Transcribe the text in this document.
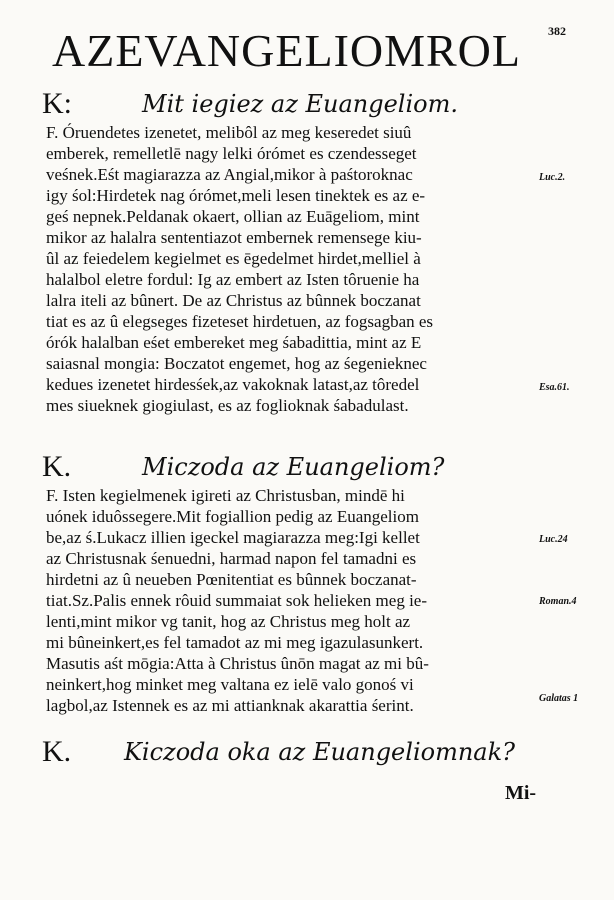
AZEVANGELIOMROL	382
K:	Mit iegiez az Euangeliom.
F. Óruendetes izenetet, melibôl az meg keseredet siuû
emberek, remelletlē nagy lelki órómet es czendesseget
veśnek.Eśt magiarazza az Angial,mikor à paśtoroknac
igy śol:Hirdetek nag órómet,meli lesen tinektek es az e-
geś nepnek.Peldanak okaert, ollian az Euāgeliom, mint
mikor az halalra sententiazot embernek remensege kiu-
ûl az feiedelem kegielmet es ēgedelmet hirdet,melliel à
halalbol eletre fordul: Ig az embert az Isten tôruenie ha
lalra iteli az bûnert. De az Christus az bûnnek boczanat
tiat es az û elegseges fizeteset hirdetuen, az fogsagban es
órók halalban eśet embereket meg śabadittia, mint az E
saiasnal mongia: Boczatot engemet, hog az śegenieknec
kedues izenetet hirdesśek,az vakoknak latast,az tôredel
mes siueknek giogiulast, es az foglioknak śabadulast.
K.	Miczoda az Euangeliom?
F. Isten kegielmenek igireti az Christusban, mindē hi
uónek iduôssegere.Mit fogiallion pedig az Euangeliom
be,az ś.Lukacz illien igeckel magiarazza meg:Igi kellet
az Christusnak śenuedni, harmad napon fel tamadni es
hirdetni az û neueben Pœnitentiat es bûnnek boczanat-
tiat.Sz.Palis ennek rôuid summaiat sok helieken meg ie-
lenti,mint mikor vg tanit, hog az Christus meg holt az
mi bûneinkert,es fel tamadot az mi meg igazulasunkert.
Masutis aśt mōgia:Atta à Christus ûnōn magat az mi bû-
neinkert,hog minket meg valtana ez ielē valo gonoś vi
lagbol,az Istennek es az mi attianknak akarattia śerint.
K. Kiczoda oka az Euangeliomnak?
Luc.2.
Esa.61.
Luc.24
Roman.4
Galatas 1
Mi-
